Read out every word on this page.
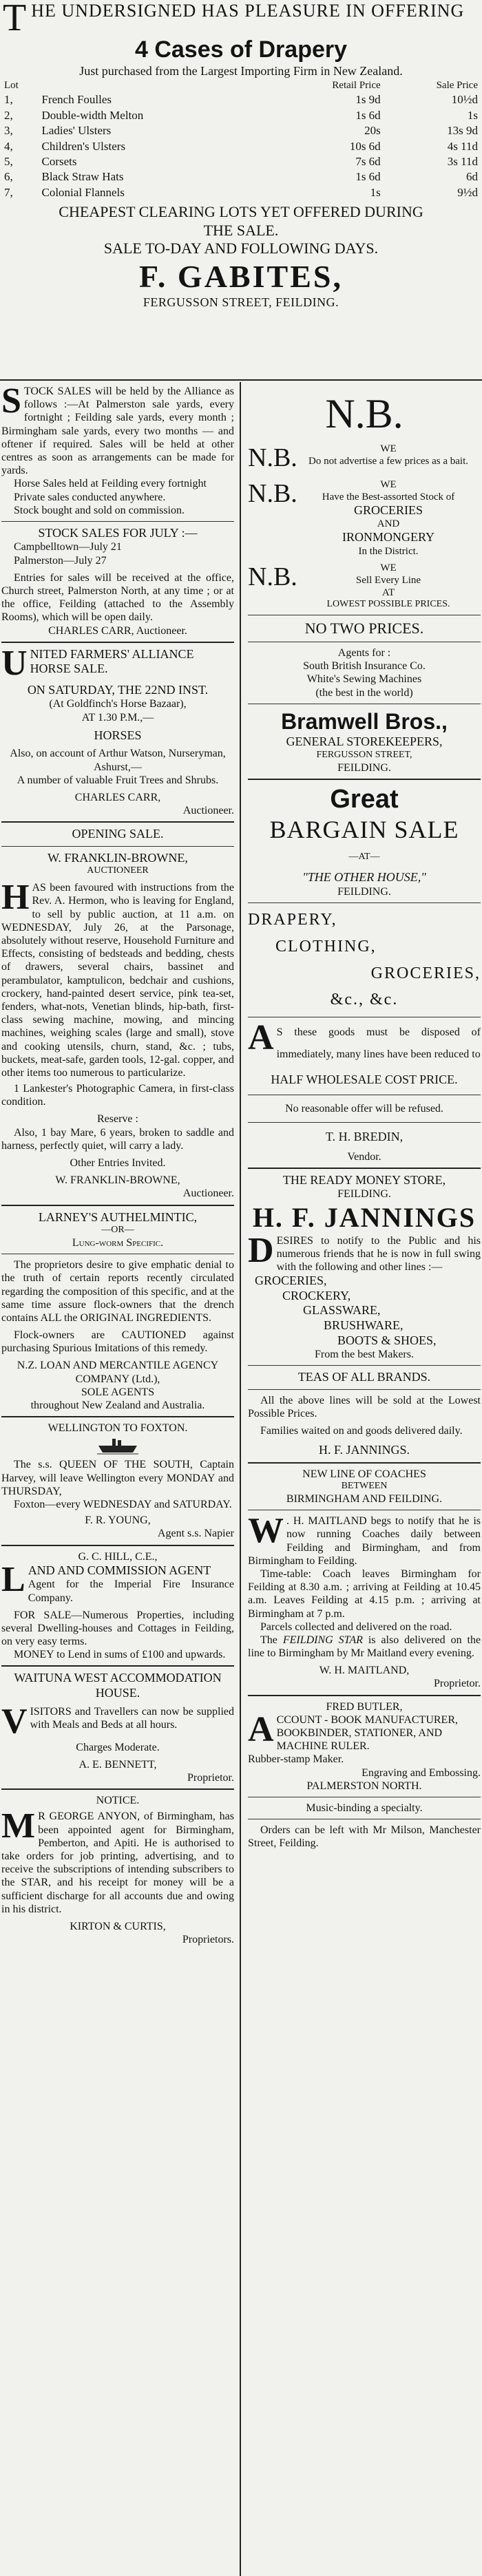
THE UNDERSIGNED HAS PLEASURE IN OFFERING
4 Cases of Drapery
Just purchased from the Largest Importing Firm in New Zealand.
Lot		Retail Price	Sale Price
1,	French Foulles	1s 9d	10½d
2,	Double-width Melton	1s 6d	1s
3,	Ladies' Ulsters	20s	13s 9d
4,	Children's Ulsters	10s 6d	4s 11d
5,	Corsets	7s 6d	3s 11d
6,	Black Straw Hats	1s 6d	6d
7,	Colonial Flannels	1s	9½d
CHEAPEST CLEARING LOTS YET OFFERED DURING
THE SALE.
SALE TO-DAY AND FOLLOWING DAYS.
F. GABITES,
FERGUSSON STREET, FEILDING.

STOCK SALES will be held by the Alliance as follows :—At Palmerston sale yards, every fortnight ; Feilding sale yards, every month ; Birmingham sale yards, every two months — and oftener if required. Sales will be held at other centres as soon as arrangements can be made for yards.

Horse Sales held at Feilding every fortnight

Private sales conducted anywhere.

Stock bought and sold on commission.

STOCK SALES FOR JULY :—

Campbelltown—July 21

Palmerston—July 27

Entries for sales will be received at the office, Church street, Palmerston North, at any time ; or at the office, Feilding (attached to the Assembly Rooms), which will be open daily.

CHARLES CARR, Auctioneer.

UNITED FARMERS' ALLIANCE HORSE SALE.

ON SATURDAY, THE 22ND INST.

(At Goldfinch's Horse Bazaar),

AT 1.30 P.M.,—

HORSES

Also, on account of Arthur Watson, Nurseryman, Ashurst,—

A number of valuable Fruit Trees and Shrubs.

CHARLES CARR,

Auctioneer.

OPENING SALE.

W. FRANKLIN-BROWNE,

AUCTIONEER

HAS been favoured with instructions from the Rev. A. Hermon, who is leaving for England, to sell by public auction, at 11 a.m. on WEDNESDAY, July 26, at the Parsonage, absolutely without reserve, Household Furniture and Effects, consisting of bedsteads and bedding, chests of drawers, several chairs, bassinet and perambulator, kamptulicon, bedchair and cushions, crockery, hand-painted desert service, pink tea-set, fenders, what-nots, Venetian blinds, hip-bath, first-class sewing machine, mowing, and mincing machines, weighing scales (large and small), stove and cooking utensils, churn, stand, &c. ; tubs, buckets, meat-safe, garden tools, 12-gal. copper, and other items too numerous to particularize.

1 Lankester's Photographic Camera, in first-class condition.

Reserve :

Also, 1 bay Mare, 6 years, broken to saddle and harness, perfectly quiet, will carry a lady.

Other Entries Invited.

W. FRANKLIN-BROWNE,

Auctioneer.

LARNEY'S AUTHELMINTIC,

—OR—

Lung-worm Specific.

The proprietors desire to give emphatic denial to the truth of certain reports recently circulated regarding the composition of this specific, and at the same time assure flock-owners that the drench contains ALL the ORIGINAL INGREDIENTS.

Flock-owners are CAUTIONED against purchasing Spurious Imitations of this remedy.

N.Z. LOAN AND MERCANTILE AGENCY COMPANY (Ltd.),

SOLE AGENTS

throughout New Zealand and Australia.

WELLINGTON TO FOXTON.

The s.s. QUEEN OF THE SOUTH, Captain Harvey, will leave Wellington every MONDAY and THURSDAY,

Foxton—every WEDNESDAY and SATURDAY.

F. R. YOUNG,

Agent s.s. Napier

G. C. HILL, C.E.,

LAND AND COMMISSION AGENT

Agent for the Imperial Fire Insurance Company.

FOR SALE—Numerous Properties, including several Dwelling-houses and Cottages in Feilding, on very easy terms.

MONEY to Lend in sums of £100 and upwards.

WAITUNA WEST ACCOMMODATION HOUSE.

VISITORS and Travellers can now be supplied with Meals and Beds at all hours.

Charges Moderate.

A. E. BENNETT,

Proprietor.

NOTICE.

M R GEORGE ANYON, of Birmingham, has been appointed agent for Birmingham, Pemberton, and Apiti. He is authorised to take orders for job printing, advertising, and to receive the subscriptions of intending subscribers to the STAR, and his receipt for money will be a sufficient discharge for all accounts due and owing in his district.

KIRTON & CURTIS,

Proprietors.

N.B.
N.B.	WE

Do not advertise a few prices as a bait.

N.B.	WE

Have the Best-assorted Stock of

GROCERIES

AND

IRONMONGERY

In the District.

N.B.	WE

Sell Every Line

AT

LOWEST POSSIBLE PRICES.

NO TWO PRICES.

Agents for :

South British Insurance Co.

White's Sewing Machines

(the best in the world)

Bramwell Bros.,

GENERAL STOREKEEPERS,

FERGUSSON STREET,

FEILDING.

Great
BARGAIN SALE

—AT—

"THE OTHER HOUSE,"

FEILDING.

DRAPERY,

CLOTHING,

GROCERIES,

&c., &c.

A S these goods must be disposed of immediately, many lines have been reduced to

HALF WHOLESALE COST PRICE.

No reasonable offer will be refused.

T. H. BREDIN,

Vendor.

THE READY MONEY STORE,

FEILDING.

H. F. JANNINGS

DESIRES to notify to the Public and his numerous friends that he is now in full swing with the following and other lines :—

GROCERIES,

CROCKERY,

GLASSWARE,

BRUSHWARE,

BOOTS & SHOES,

From the best Makers.

TEAS OF ALL BRANDS.

All the above lines will be sold at the Lowest Possible Prices.

Families waited on and goods delivered daily.

H. F. JANNINGS.

NEW LINE OF COACHES

BETWEEN

BIRMINGHAM AND FEILDING.

W . H. MAITLAND begs to notify that he is now running Coaches daily between Feilding and Birmingham, and from Birmingham to Feilding.

Time-table: Coach leaves Birmingham for Feilding at 8.30 a.m. ; arriving at Feilding at 10.45 a.m. Leaves Feilding at 4.15 p.m. ; arriving at Birmingham at 7 p.m.

Parcels collected and delivered on the road.

The FEILDING STAR is also delivered on the line to Birmingham by Mr Maitland every evening.

W. H. MAITLAND,

Proprietor.

FRED BUTLER,

ACCOUNT - BOOK MANUFACTURER, BOOKBINDER, STATIONER, AND MACHINE RULER.

Rubber-stamp Maker.

Engraving and Embossing.

PALMERSTON NORTH.

Music-binding a specialty.

Orders can be left with Mr Milson, Manchester Street, Feilding.
